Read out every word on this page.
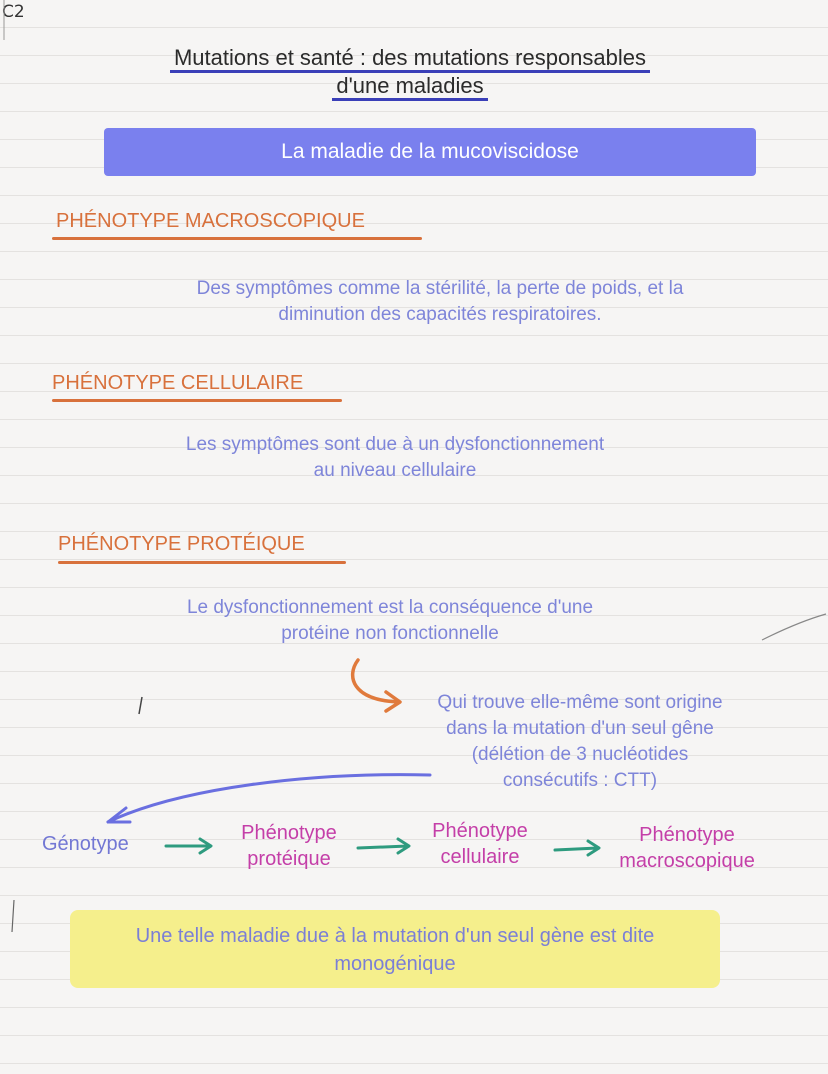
C2
Mutations et santé : des mutations responsables
d'une maladies
La maladie de la mucoviscidose
PHÉNOTYPE MACROSCOPIQUE
Des symptômes comme la stérilité, la perte de poids, et la
diminution des capacités respiratoires.
PHÉNOTYPE CELLULAIRE
Les symptômes sont due à un dysfonctionnement
au niveau cellulaire
PHÉNOTYPE PROTÉIQUE
Le dysfonctionnement est la conséquence d'une
protéine non fonctionnelle
Qui trouve elle-même sont origine
dans la mutation d'un seul gêne
(délétion de 3 nucléotides
consécutifs : CTT)
Génotype	Phénotype
protéique
Phénotype
cellulaire
Phénotype
macroscopique
Une telle maladie due à la mutation d'un seul gène est dite
monogénique
